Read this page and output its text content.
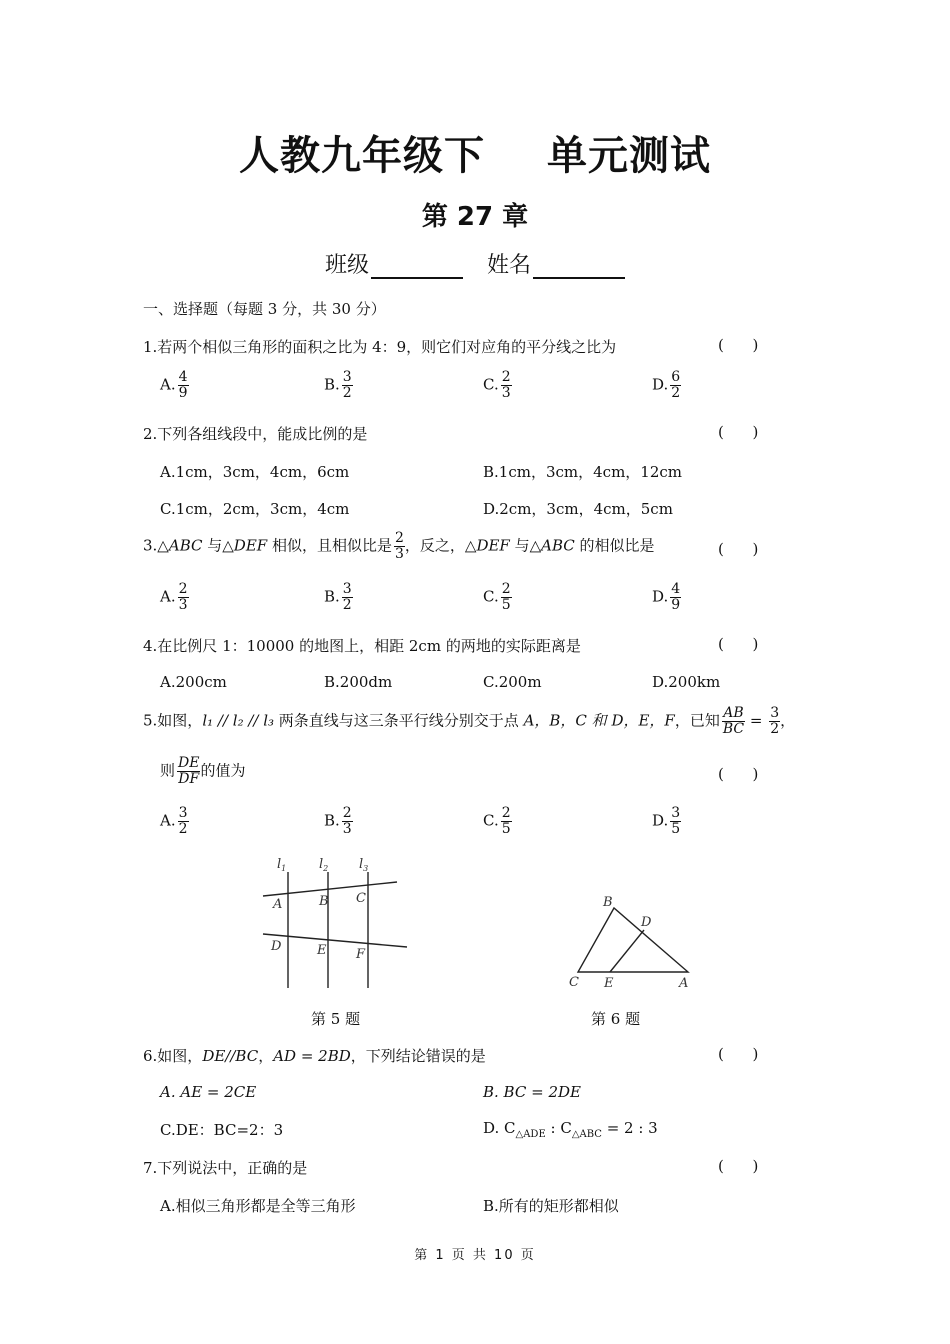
人教九年级下 单元测试
第 27 章
班级	姓名
一、选择题（每题 3 分，共 30 分）
1.若两个相似三角形的面积之比为 4：9，则它们对应角的平分线之比为	(      )
A. $\frac{4}{9}$	B. $\frac{3}{2}$	C. $\frac{2}{3}$	D. $\frac{6}{2}$
2.下列各组线段中，能成比例的是	(      )
A.1cm，3cm，4cm，6cm	B.1cm，3cm，4cm，12cm
C.1cm，2cm，3cm，4cm	D.2cm，3cm，4cm，5cm
3.△ABC 与△DEF 相似，且相似比是 $\frac{2}{3}$ ，反之，△DEF 与△ABC 的相似比是	(      )
A. $\frac{2}{3}$	B. $\frac{3}{2}$	C. $\frac{2}{5}$	D. $\frac{4}{9}$
4.在比例尺 1：10000 的地图上，相距 2cm 的两地的实际距离是	(      )
A.200cm	B.200dm	C.200m	D.200km
5.如图，l₁ // l₂ // l₃ 两条直线与这三条平行线分别交于点 A，B，C 和 D，E，F，已知 $\frac{AB}{BC} = \frac{3}{2}$ ，
则 $\frac{DE}{DF}$ 的值为	(      )
A. $\frac{3}{2}$	B. $\frac{2}{3}$	C. $\frac{2}{5}$	D. $\frac{3}{5}$
$l_1$	$l_2$ $l_3$
A	B C
D	E F
第 5 题
B
D
C E	A
第 6 题
6.如图，DE//BC，AD = 2BD，下列结论错误的是	(      )
A. AE = 2CE	B. BC = 2DE
C.DE：BC=2：3	D. $C_{\triangle ADE}$ : $C_{\triangle ABC} = 2$ : 3
7.下列说法中，正确的是	(      )
A.相似三角形都是全等三角形	B.所有的矩形都相似
第 1 页 共 10 页
